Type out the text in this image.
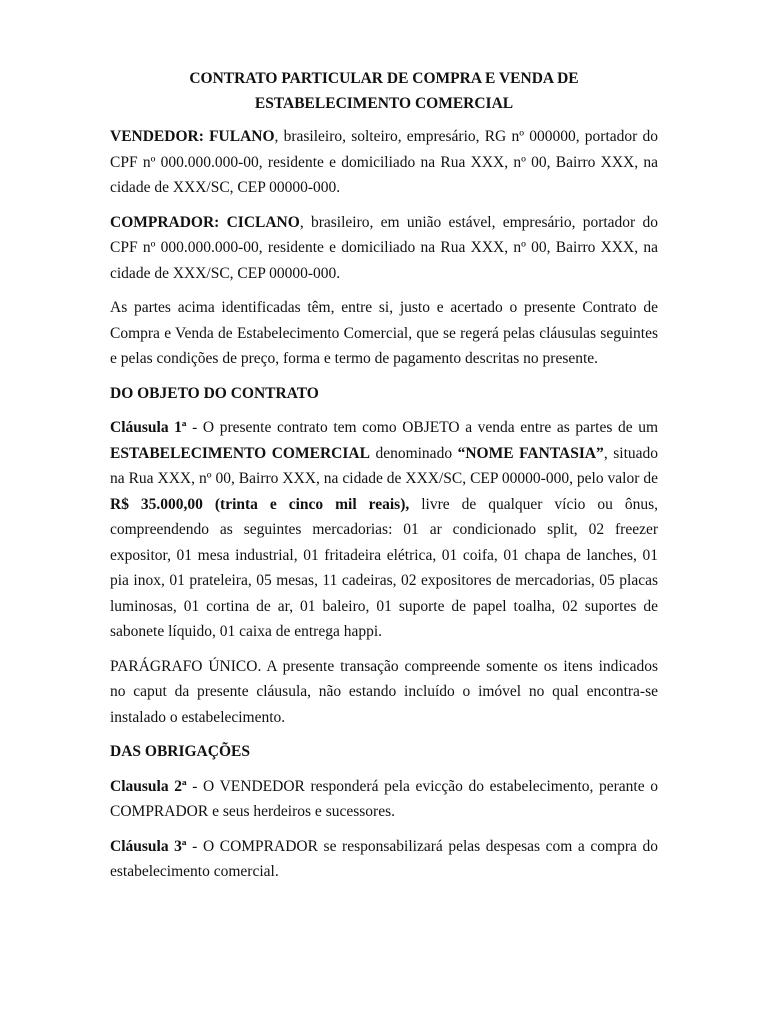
CONTRATO PARTICULAR DE COMPRA E VENDA DE
ESTABELECIMENTO COMERCIAL

VENDEDOR: FULANO, brasileiro, solteiro, empresário, RG nº 000000, portador do CPF nº 000.000.000-00, residente e domiciliado na Rua XXX, nº 00, Bairro XXX, na cidade de XXX/SC, CEP 00000-000.

COMPRADOR: CICLANO, brasileiro, em união estável, empresário, portador do CPF nº 000.000.000-00, residente e domiciliado na Rua XXX, nº 00, Bairro XXX, na cidade de XXX/SC, CEP 00000-000.

As partes acima identificadas têm, entre si, justo e acertado o presente Contrato de Compra e Venda de Estabelecimento Comercial, que se regerá pelas cláusulas seguintes e pelas condições de preço, forma e termo de pagamento descritas no presente.

DO OBJETO DO CONTRATO

Cláusula 1ª - O presente contrato tem como OBJETO a venda entre as partes de um ESTABELECIMENTO COMERCIAL denominado “NOME FANTASIA”, situado na Rua XXX, nº 00, Bairro XXX, na cidade de XXX/SC, CEP 00000-000, pelo valor de R$ 35.000,00 (trinta e cinco mil reais), livre de qualquer vício ou ônus, compreendendo as seguintes mercadorias: 01 ar condicionado split, 02 freezer expositor, 01 mesa industrial, 01 fritadeira elétrica, 01 coifa, 01 chapa de lanches, 01 pia inox, 01 prateleira, 05 mesas, 11 cadeiras, 02 expositores de mercadorias, 05 placas luminosas, 01 cortina de ar, 01 baleiro, 01 suporte de papel toalha, 02 suportes de sabonete líquido, 01 caixa de entrega happi.

PARÁGRAFO ÚNICO. A presente transação compreende somente os itens indicados no caput da presente cláusula, não estando incluído o imóvel no qual encontra-se instalado o estabelecimento.

DAS OBRIGAÇÕES

Clausula 2ª - O VENDEDOR responderá pela evicção do estabelecimento, perante o COMPRADOR e seus herdeiros e sucessores.

Cláusula 3ª - O COMPRADOR se responsabilizará pelas despesas com a compra do estabelecimento comercial.
